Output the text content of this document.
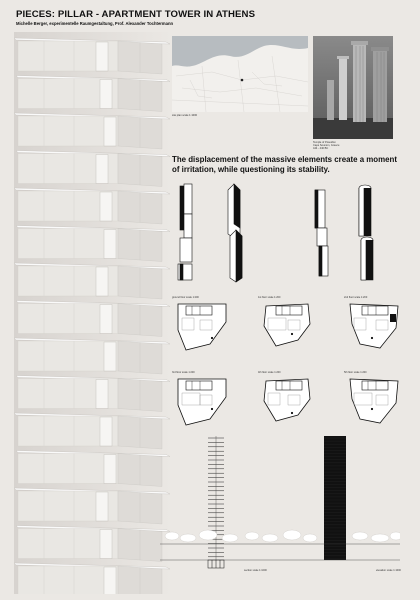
PIECES: PILLAR - APARTMENT TOWER IN ATHENS
Michelle Berger, experimentelle Raumgestaltung, Prof. Alexander Tochtermann
site plan scale 1:1000
Temple of Poseidon
Cape Sounion, Greece
444 - 440 BC
The displacement of the massive elements create a moment of irritation, while questioning its stability.
ground floor scale 1:200	1st floor scale 1:200	2nd floor scale 1:200
3rd floor scale 1:200	4th floor scale 1:200	5th floor scale 1:200
section scale 1:1000	elevation scale 1:1000
